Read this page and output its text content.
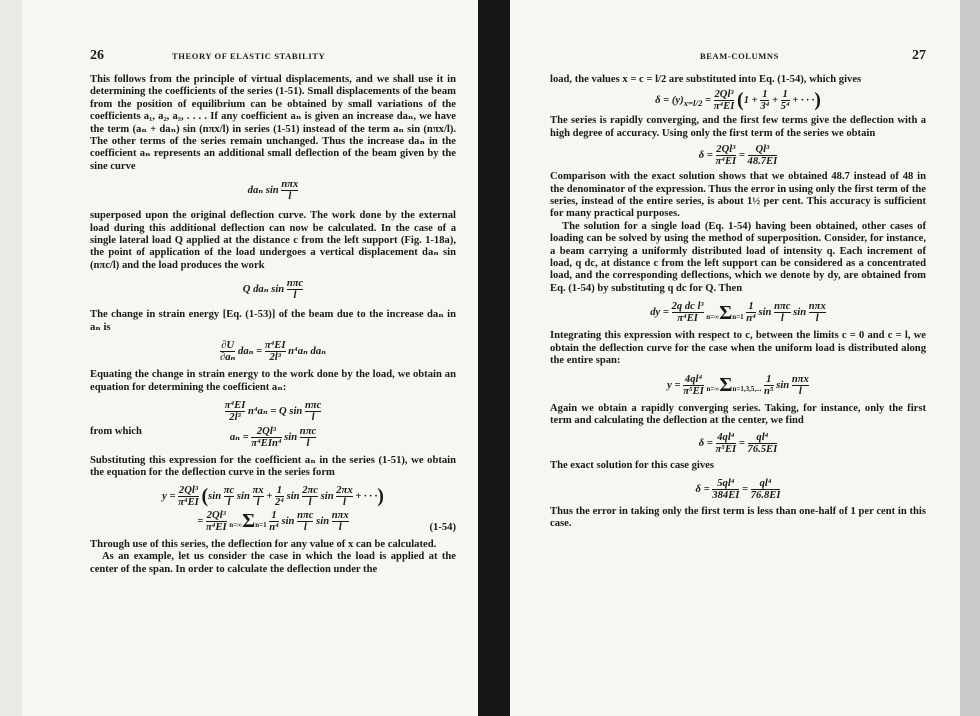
26	THEORY OF ELASTIC STABILITY

This follows from the principle of virtual displacements, and we shall use it in determining the coefficients of the series (1-51). Small displacements of the beam from the position of equilibrium can be obtained by small variations of the coefficients a₁, a₂, a₃, . . . . If any coefficient aₙ is given an increase daₙ, we have the term (aₙ + daₙ) sin (nπx/l) in series (1-51) instead of the term aₙ sin (nπx/l). The other terms of the series remain unchanged. Thus the increase daₙ in the coefficient aₙ represents an additional small deflection of the beam given by the sine curve

daₙ sin
nπx
l

superposed upon the original deflection curve. The work done by the external load during this additional deflection can now be calculated. In the case of a single lateral load Q applied at the distance c from the left support (Fig. 1-18a), the point of application of the load undergoes a vertical displacement daₙ sin (nπc/l) and the load produces the work

Q daₙ sin
nπc
l

The change in strain energy [Eq. (1-53)] of the beam due to the increase daₙ in aₙ is

$\frac{\partial U}{\text{∂aₙ}}$ $da_n = \frac{\text{π⁴EI}}{\text{2l³}} n^4a_n$ daₙ

Equating the change in strain energy to the work done by the load, we obtain an equation for determining the coefficient aₙ:

$\frac{\text{π⁴EI}}{\text{2l³}} n^4a_n = Q$ sin
nπc
l
from which
aₙ =
2Ql³
π⁴EIn⁴
sin
nπc
l

Substituting this expression for the coefficient aₙ in the series (1-51), we obtain the equation for the deflection curve in the series form

$y = \frac{\text{2Ql³}}{\text{π⁴EI}} (\sin \frac{\pi c}{l}$ $\sin \frac{\pi x}{l} + \frac{1}{\text{2⁴}}$ $\sin \frac{2\pi c}{l}$ $\sin \frac{2\pi x}{l}$ + · · ·)
= $\frac{\text{2Ql³}}{\text{π⁴EI}} n=\infty\Sigma n=1 \frac{1}{\text{n⁴}}$ sin
nπc
l
sin
nπx
l	(1-54)

Through use of this series, the deflection for any value of x can be calculated.

As an example, let us consider the case in which the load is applied at the center of the span. In order to calculate the deflection under the

BEAM-COLUMNS	27

load, the values x = c = l/2 are substituted into Eq. (1-54), which gives

$\delta = (y)_{x=l/2} = \frac{\text{2Ql³}}{\text{π⁴EI}} (1 + \frac{1}{\text{3⁴}} + \frac{1}{\text{5⁴}}$ + · · ·)

The series is rapidly converging, and the first few terms give the deflection with a high degree of accuracy. Using only the first term of the series we obtain

$\delta = \frac{\text{2Ql³}}{\text{π⁴EI}} = \frac{\text{Ql³}}{48.7EI}$

Comparison with the exact solution shows that we obtained 48.7 instead of 48 in the denominator of the expression. Thus the error in using only the first term of the series, instead of the entire series, is about 1½ per cent. This accuracy is sufficient for many practical purposes.

The solution for a single load (Eq. 1-54) having been obtained, other cases of loading can be solved by using the method of superposition. Consider, for instance, a beam carrying a uniformly distributed load of intensity q. Each increment of load, q dc, at distance c from the left support can be considered as a concentrated load, and the corresponding deflections, which we denote by dy, are obtained from Eq. (1-54) by substituting q dc for Q. Then

dy = $\frac{\text{2q dc l³}}{\text{π⁴EI}} n=\infty\Sigma n=1 \frac{1}{\text{n⁴}}$ sin
nπc
l
sin
nπx
l

Integrating this expression with respect to c, between the limits c = 0 and c = l, we obtain the deflection curve for the case when the uniform load is distributed along the entire span:

$y = \frac{\text{4ql⁴}}{\text{π⁵EI}} n=\infty\Sigma n=1,3,5$,... $\frac{1}{\text{n⁵}}$ sin
nπx
l

Again we obtain a rapidly converging series. Taking, for instance, only the first term and calculating the deflection at the center, we find

$\delta = \frac{\text{4ql⁴}}{\text{π⁵EI}} = \frac{\text{ql⁴}}{76.5EI}$

The exact solution for this case gives

$\delta = \frac{\text{5ql⁴}}{384EI} = \frac{\text{ql⁴}}{76.8EI}$

Thus the error in taking only the first term is less than one-half of 1 per cent in this case.
